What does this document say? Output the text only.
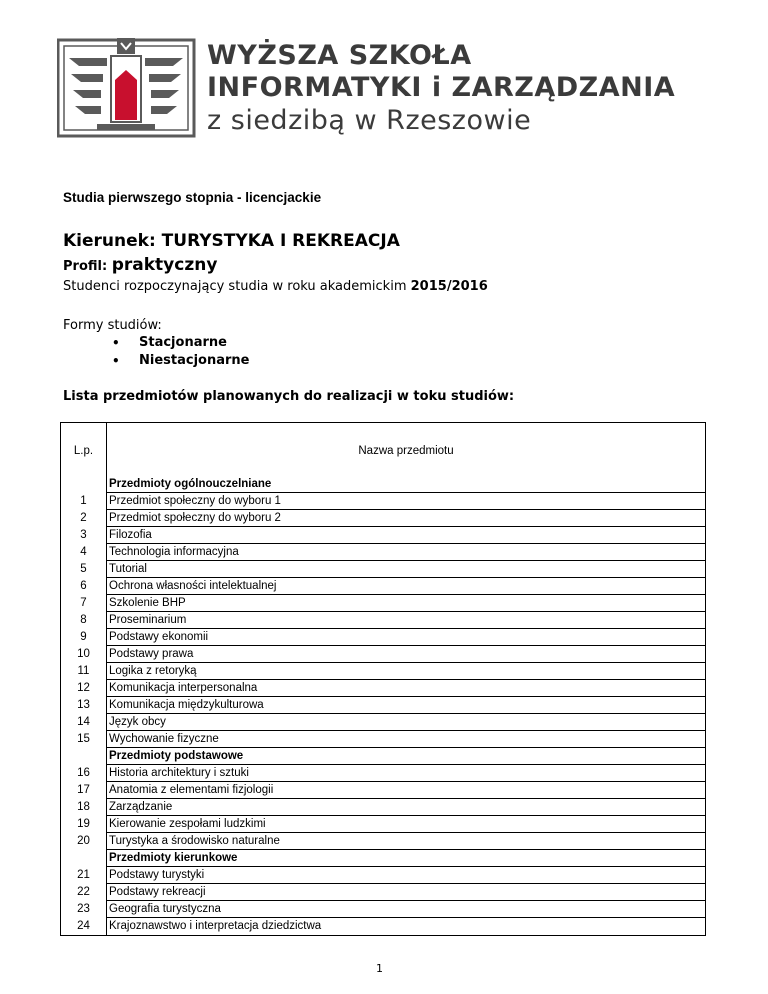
WYŻSZA SZKOŁA
INFORMATYKI i ZARZĄDZANIA
z siedzibą w Rzeszowie
Studia pierwszego stopnia - licencjackie
Kierunek: TURYSTYKA I REKREACJA
Profil: praktyczny
Studenci rozpoczynający studia w roku akademickim 2015/2016
Formy studiów:
• Stacjonarne
• Niestacjonarne
Lista przedmiotów planowanych do realizacji w toku studiów:
L.p.	Nazwa przedmiotu
Przedmioty ogólnouczelniane
1	Przedmiot społeczny do wyboru 1
2	Przedmiot społeczny do wyboru 2
3	Filozofia
4	Technologia informacyjna
5	Tutorial
6	Ochrona własności intelektualnej
7	Szkolenie BHP
8	Proseminarium
9	Podstawy ekonomii
10	Podstawy prawa
11	Logika z retoryką
12	Komunikacja interpersonalna
13	Komunikacja międzykulturowa
14	Język obcy
15	Wychowanie fizyczne
Przedmioty podstawowe
16	Historia architektury i sztuki
17	Anatomia z elementami fizjologii
18	Zarządzanie
19	Kierowanie zespołami ludzkimi
20	Turystyka a środowisko naturalne
Przedmioty kierunkowe
21	Podstawy turystyki
22	Podstawy rekreacji
23	Geografia turystyczna
24	Krajoznawstwo i interpretacja dziedzictwa
1
